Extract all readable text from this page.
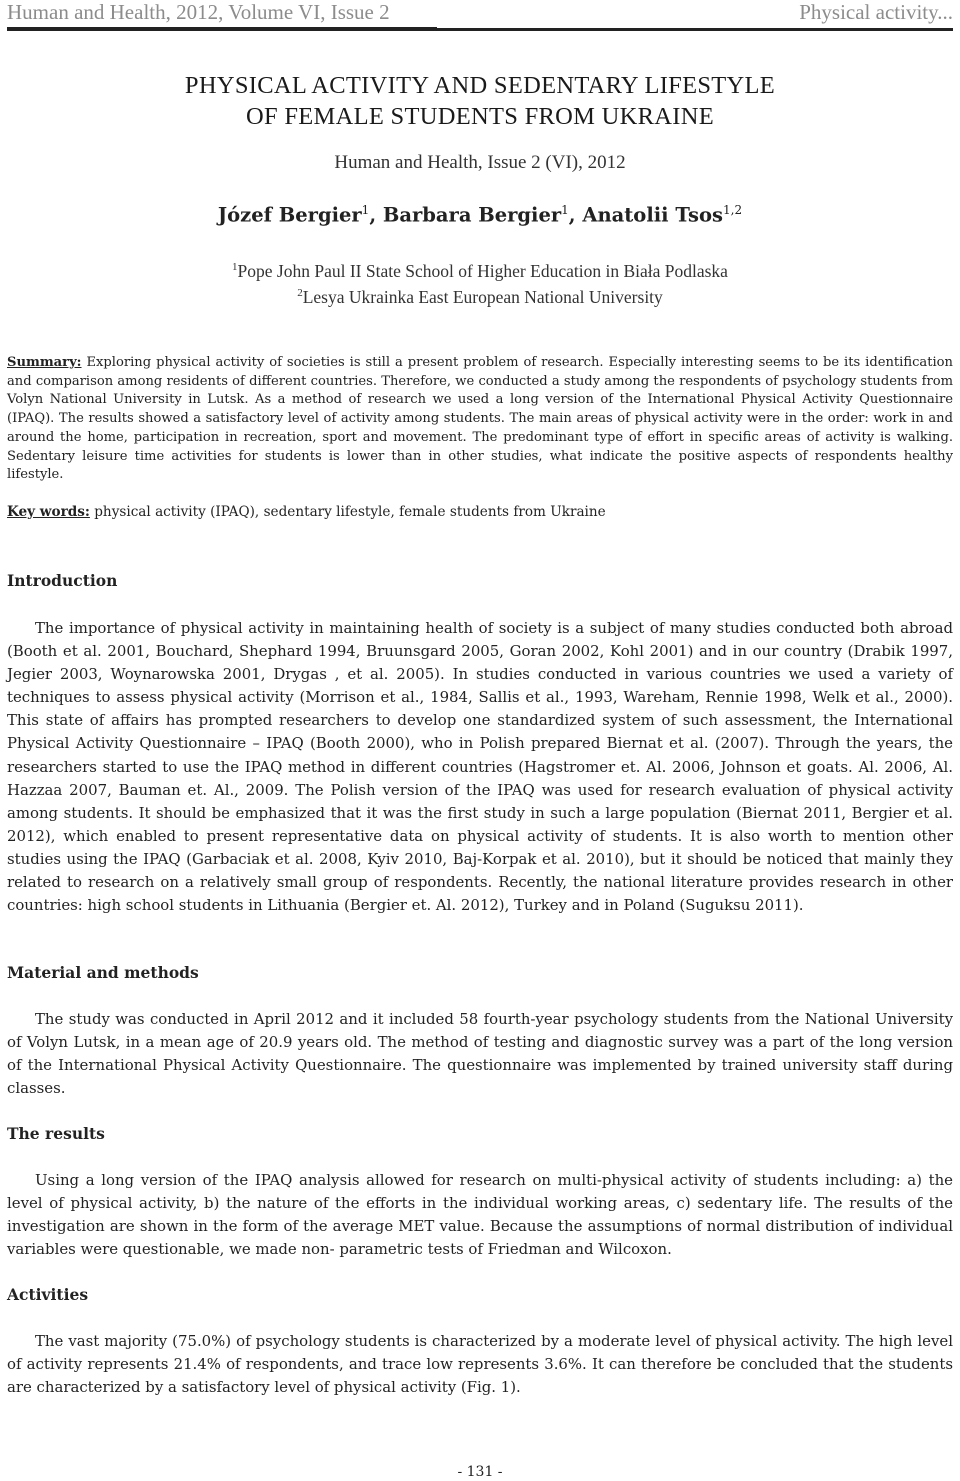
Human and Health, 2012, Volume VI, Issue 2	Physical activity...
PHYSICAL ACTIVITY AND SEDENTARY LIFESTYLE
OF FEMALE STUDENTS FROM UKRAINE
Human and Health, Issue 2 (VI), 2012
Józef Bergier$^1$, Barbara Bergier$^1$, Anatolii Tsos$^{1,2}$
$^1$Pope John Paul II State School of Higher Education in Biała Podlaska
$^2$Lesya Ukrainka East European National University
Summary: Exploring physical activity of societies is still a present problem of research. Especially interesting seems to be its identification and comparison among residents of different countries. Therefore, we conducted a study among the respondents of psychology students from Volyn National University in Lutsk. As a method of research we used a long version of the International Physical Activity Questionnaire (IPAQ). The results showed a satisfactory level of activity among students. The main areas of physical activity were in the order: work in and around the home, participation in recreation, sport and movement. The predominant type of effort in specific areas of activity is walking. Sedentary leisure time activities for students is lower than in other studies, what indicate the positive aspects of respondents healthy lifestyle.
Key words: physical activity (IPAQ), sedentary lifestyle, female students from Ukraine
Introduction
The importance of physical activity in maintaining health of society is a subject of many studies conducted both abroad (Booth et al. 2001, Bouchard, Shephard 1994, Bruunsgard 2005, Goran 2002, Kohl 2001) and in our country (Drabik 1997, Jegier 2003, Woynarowska 2001, Drygas , et al. 2005). In studies conducted in various countries we used a variety of techniques to assess physical activity (Morrison et al., 1984, Sallis et al., 1993, Wareham, Rennie 1998, Welk et al., 2000). This state of affairs has prompted researchers to develop one standardized system of such assessment, the International Physical Activity Questionnaire – IPAQ (Booth 2000), who in Polish prepared Biernat et al. (2007). Through the years, the researchers started to use the IPAQ method in different countries (Hagstromer et. Al. 2006, Johnson et goats. Al. 2006, Al. Hazzaa 2007, Bauman et. Al., 2009. The Polish version of the IPAQ was used for research evaluation of physical activity among students. It should be emphasized that it was the first study in such a large population (Biernat 2011, Bergier et al. 2012), which enabled to present representative data on physical activity of students. It is also worth to mention other studies using the IPAQ (Garbaciak et al. 2008, Kyiv 2010, Baj-Korpak et al. 2010), but it should be noticed that mainly they related to research on a relatively small group of respondents. Recently, the national literature provides research in other countries: high school students in Lithuania (Bergier et. Al. 2012), Turkey and in Poland (Suguksu 2011).
Material and methods
The study was conducted in April 2012 and it included 58 fourth-year psychology students from the National University of Volyn Lutsk, in a mean age of 20.9 years old. The method of testing and diagnostic survey was a part of the long version of the International Physical Activity Questionnaire. The questionnaire was implemented by trained university staff during classes.
The results
Using a long version of the IPAQ analysis allowed for research on multi-physical activity of students including: a) the level of physical activity, b) the nature of the efforts in the individual working areas, c) sedentary life. The results of the investigation are shown in the form of the average MET value. Because the assumptions of normal distribution of individual variables were questionable, we made non- parametric tests of Friedman and Wilcoxon.
Activities
The vast majority (75.0%) of psychology students is characterized by a moderate level of physical activity. The high level of activity represents 21.4% of respondents, and trace low represents 3.6%. It can therefore be concluded that the students are characterized by a satisfactory level of physical activity (Fig. 1).
- 131 -
